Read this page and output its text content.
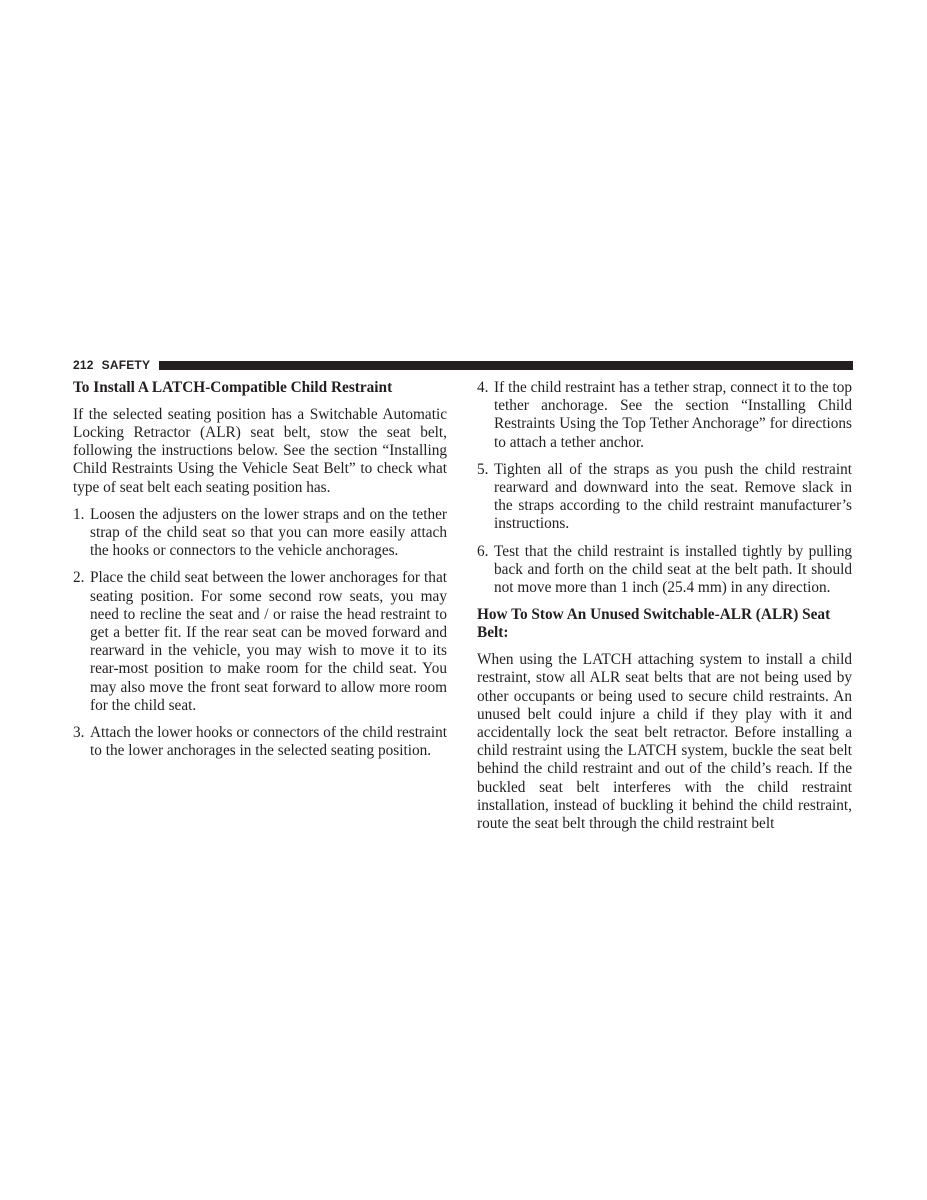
212 SAFETY
To Install A LATCH-Compatible Child Restraint

If the selected seating position has a Switchable Automatic Locking Retractor (ALR) seat belt, stow the seat belt, following the instructions below. See the section “Installing Child Restraints Using the Vehicle Seat Belt” to check what type of seat belt each seating position has.

1. Loosen the adjusters on the lower straps and on the tether strap of the child seat so that you can more easily attach the hooks or connectors to the vehicle anchorages.
2. Place the child seat between the lower anchorages for that seating position. For some second row seats, you may need to recline the seat and / or raise the head restraint to get a better fit. If the rear seat can be moved forward and rearward in the vehicle, you may wish to move it to its rear-most position to make room for the child seat. You may also move the front seat forward to allow more room for the child seat.
3. Attach the lower hooks or connectors of the child restraint to the lower anchorages in the selected seating position.
4. If the child restraint has a tether strap, connect it to the top tether anchorage. See the section “Installing Child Restraints Using the Top Tether Anchorage” for directions to attach a tether anchor.
5. Tighten all of the straps as you push the child restraint rearward and downward into the seat. Remove slack in the straps according to the child restraint manufacturer’s instructions.
6. Test that the child restraint is installed tightly by pulling back and forth on the child seat at the belt path. It should not move more than 1 inch (25.4 mm) in any direction.
How To Stow An Unused Switchable-ALR (ALR) Seat Belt:

When using the LATCH attaching system to install a child restraint, stow all ALR seat belts that are not being used by other occupants or being used to secure child restraints. An unused belt could injure a child if they play with it and accidentally lock the seat belt retractor. Before installing a child restraint using the LATCH system, buckle the seat belt behind the child restraint and out of the child’s reach. If the buckled seat belt interferes with the child restraint installation, instead of buckling it behind the child restraint, route the seat belt through the child restraint belt
